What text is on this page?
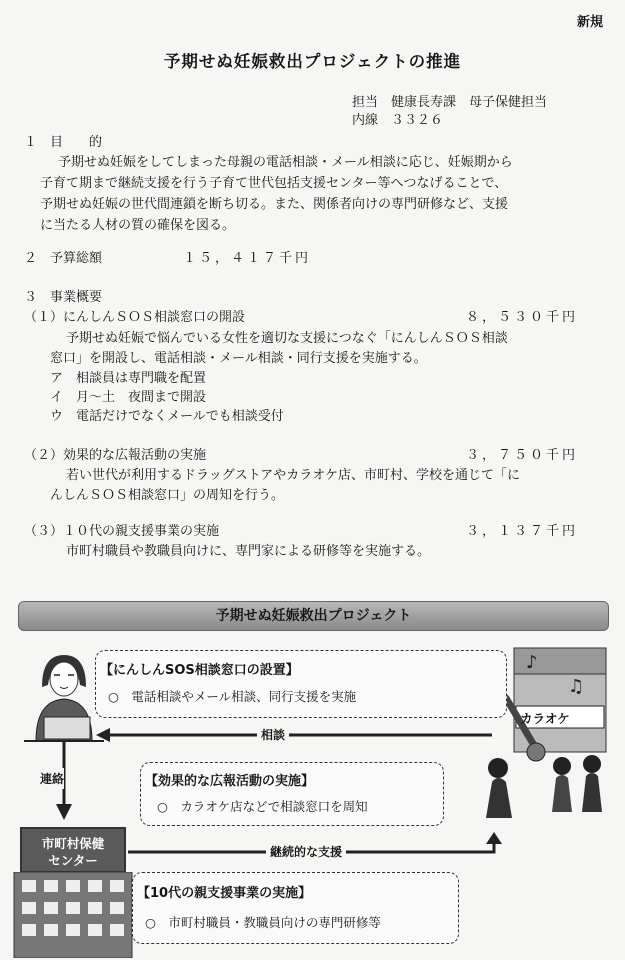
新規
予期せぬ妊娠救出プロジェクトの推進
担当　健康長寿課　母子保健担当
内線　３３２６
１　目　　的
予期せぬ妊娠をしてしまった母親の電話相談・メール相談に応じ、妊娠期から
子育て期まで継続支援を行う子育て世代包括支援センター等へつなげることで、
予期せぬ妊娠の世代間連鎖を断ち切る。また、関係者向けの専門研修など、支援
に当たる人材の質の確保を図る。
２　予算総額	１５，４１７千円
３　事業概要
（１）にんしんＳＯＳ相談窓口の開設	８，５３０千円
予期せぬ妊娠で悩んでいる女性を適切な支援につなぐ「にんしんＳＯＳ相談
窓口」を開設し、電話相談・メール相談・同行支援を実施する。
ア　相談員は専門職を配置
イ　月～土　夜間まで開設
ウ　電話だけでなくメールでも相談受付
（２）効果的な広報活動の実施	３，７５０千円
若い世代が利用するドラッグストアやカラオケ店、市町村、学校を通じて「に
んしんＳＯＳ相談窓口」の周知を行う。
（３）１０代の親支援事業の実施	３，１３７千円
市町村職員や教職員向けに、専門家による研修等を実施する。
予期せぬ妊娠救出プロジェクト
♪
♫
カラオケ
【にんしんSOS相談窓口の設置】
○　電話相談やメール相談、同行支援を実施
相談
連絡	【効果的な広報活動の実施】
○　カラオケ店などで相談窓口を周知
市町村保健
センター
継続的な支援
【10代の親支援事業の実施】
○　市町村職員・教職員向けの専門研修等
